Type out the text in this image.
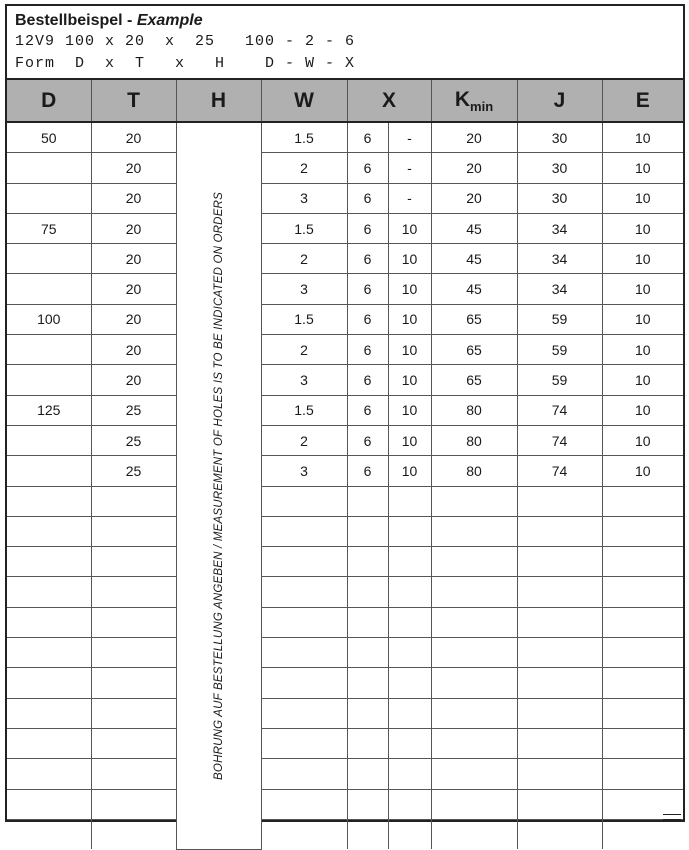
Bestellbeispel - Example
12V9 100 x 20  x  25   100 - 2 - 6
Form  D  x  T   x   H    D - W - X
D	T	H	W	X		$K_{min}$	J	E
50	20	BOHRUNG AUF BESTELLUNG ANGEBEN / MEASUREMENT OF HOLES IS TO BE INDICATED ON ORDERS	1.5	6	-	20	30	10
	20		2	6	-	20	30	10
	20		3	6	-	20	30	10
75	20		1.5	6	10	45	34	10
	20		2	6	10	45	34	10
	20		3	6	10	45	34	10
100	20		1.5	6	10	65	59	10
	20		2	6	10	65	59	10
	20		3	6	10	65	59	10
125	25		1.5	6	10	80	74	10
	25		2	6	10	80	74	10
	25		3	6	10	80	74	10
